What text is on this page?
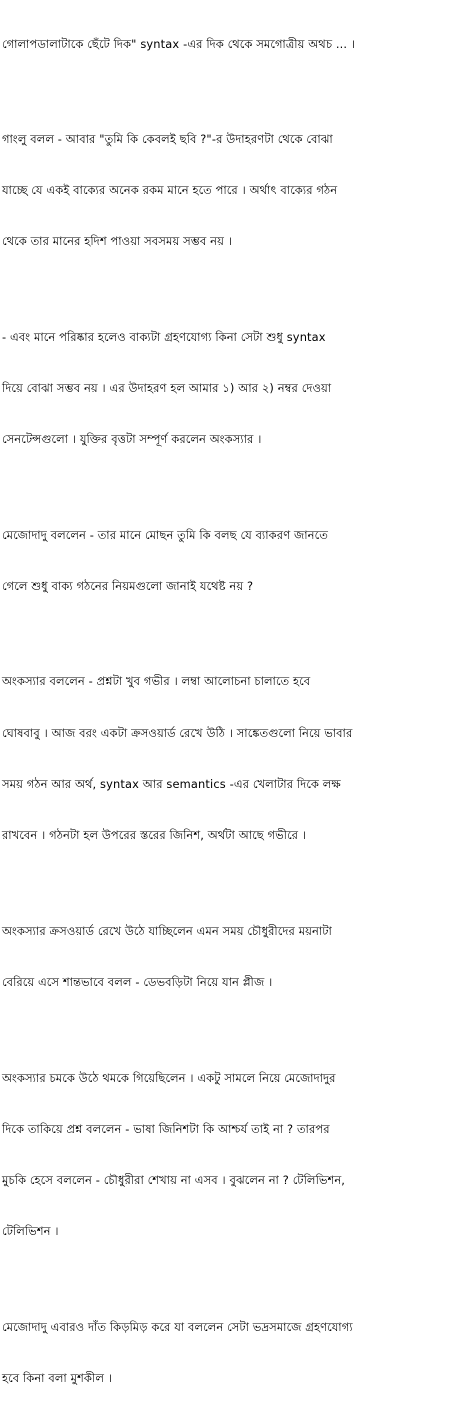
গোলাপডালাটাকে ছেঁটে দিক" syntax -এর দিক থেকে সমগোত্রীয় অথচ ... ।

গাংলু বলল - আবার "তুমি কি কেবলই ছবি ?"-র উদাহরণটা থেকে বোঝা

যাচ্ছে যে একই বাক্যের অনেক রকম মানে হতে পারে । অর্থাৎ বাক্যের গঠন

থেকে তার মানের হদিশ পাওয়া সবসময় সম্ভব নয় ।

- এবং মানে পরিষ্কার হলেও বাক্যটা গ্রহণযোগ্য কিনা সেটা শুধু syntax

দিয়ে বোঝা সম্ভব নয় । এর উদাহরণ হল আমার ১) আর ২) নম্বর দেওয়া

সেনটেন্সগুলো । যুক্তির বৃত্তটা সম্পূর্ণ করলেন অংকস্যার ।

মেজোদাদু বললেন - তার মানে মোছন তুমি কি বলছ যে ব্যাকরণ জানতে

গেলে শুধু বাক্য গঠনের নিয়মগুলো জানাই যথেষ্ট নয় ?

অংকস্যার বললেন - প্রশ্নটা খুব গভীর । লম্বা আলোচনা চালাতে হবে

ঘোষবাবু । আজ বরং একটা ক্রসওয়ার্ড রেখে উঠি । সাঙ্কেতগুলো নিয়ে ভাবার

সময় গঠন আর অর্থ, syntax আর semantics -এর খেলাটার দিকে লক্ষ

রাখবেন । গঠনটা হল উপরের স্তরের জিনিশ, অর্থটা আছে গভীরে ।

অংকস্যার ক্রসওয়ার্ড রেখে উঠে যাচ্ছিলেন এমন সময় চৌধুরীদের ময়নাটা

বেরিয়ে এসে শান্তভাবে বলল - ডেভবড়িটা নিয়ে যান প্লীজ ।

অংকস্যার চমকে উঠে থমকে গিয়েছিলেন । একটু সামলে নিয়ে মেজোদাদুর

দিকে তাকিয়ে প্রশ্ন বললেন - ভাষা জিনিশটা কি আশ্চর্য তাই না ? তারপর

মুচকি হেসে বললেন - চৌধুরীরা শেখায় না এসব । বুঝলেন না ? টেলিভিশন,

টেলিভিশন ।

মেজোদাদু এবারও দাঁত কিড়মিড় করে যা বললেন সেটা ভদ্রসমাজে গ্রহণযোগ্য

হবে কিনা বলা মুশকীল ।
